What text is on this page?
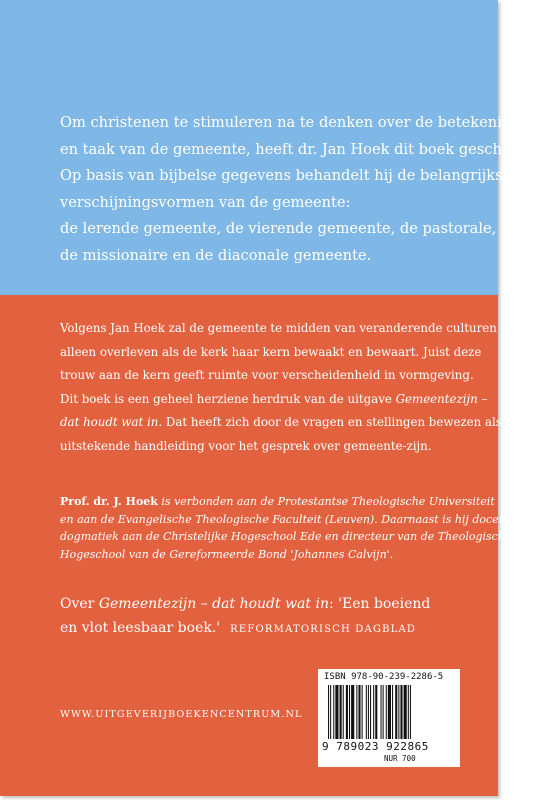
Om christenen te stimuleren na te denken over de betekenis

en taak van de gemeente, heeft dr. Jan Hoek dit boek geschreven.

Op basis van bijbelse gegevens behandelt hij de belangrijkste

verschijningsvormen van de gemeente:

de lerende gemeente, de vierende gemeente, de pastorale,

de missionaire en de diaconale gemeente.

Volgens Jan Hoek zal de gemeente te midden van veranderende culturen

alleen overleven als de kerk haar kern bewaakt en bewaart. Juist deze

trouw aan de kern geeft ruimte voor verscheidenheid in vormgeving.

Dit boek is een geheel herziene herdruk van de uitgave Gemeentezijn –

dat houdt wat in. Dat heeft zich door de vragen en stellingen bewezen als

uitstekende handleiding voor het gesprek over gemeente-zijn.

Prof. dr. J. Hoek is verbonden aan de Protestantse Theologische Universiteit

en aan de Evangelische Theologische Faculteit (Leuven). Daarnaast is hij docent

dogmatiek aan de Christelijke Hogeschool Ede en directeur van de Theologische

Hogeschool van de Gereformeerde Bond 'Johannes Calvijn'.

Over Gemeentezijn – dat houdt wat in: 'Een boeiend

en vlot leesbaar boek.' REFORMATORISCH DAGBLAD

WWW.UITGEVERIJBOEKENCENTRUM.NL
ISBN 978-90-239-2286-5
9 789023 922865
NUR 700
